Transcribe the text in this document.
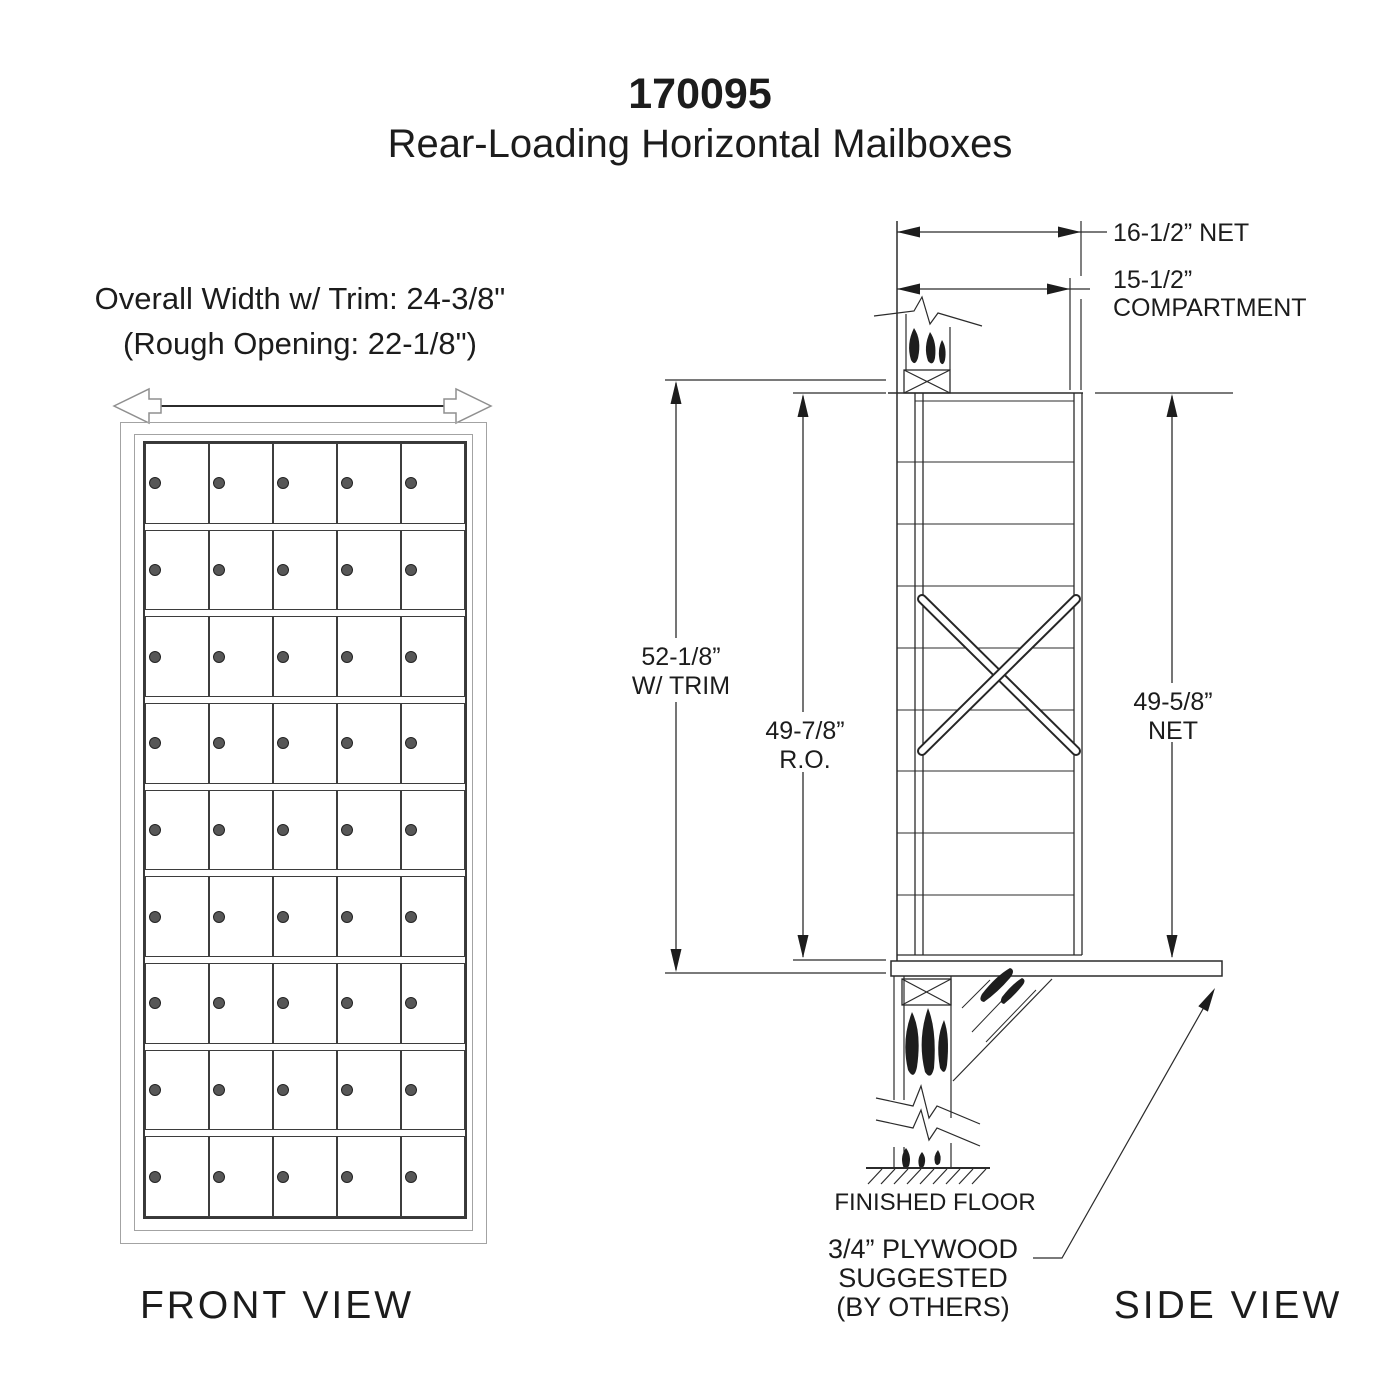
170095
Rear-Loading Horizontal Mailboxes
Overall Width w/ Trim: 24-3/8"
(Rough Opening: 22-1/8")
16-1/2” NET
15-1/2”
COMPARTMENT
52-1/8”
W/ TRIM
49-7/8”
R.O.
49-5/8”
NET
FINISHED FLOOR
3/4” PLYWOOD
SUGGESTED
(BY OTHERS)
FRONT VIEW	SIDE VIEW
